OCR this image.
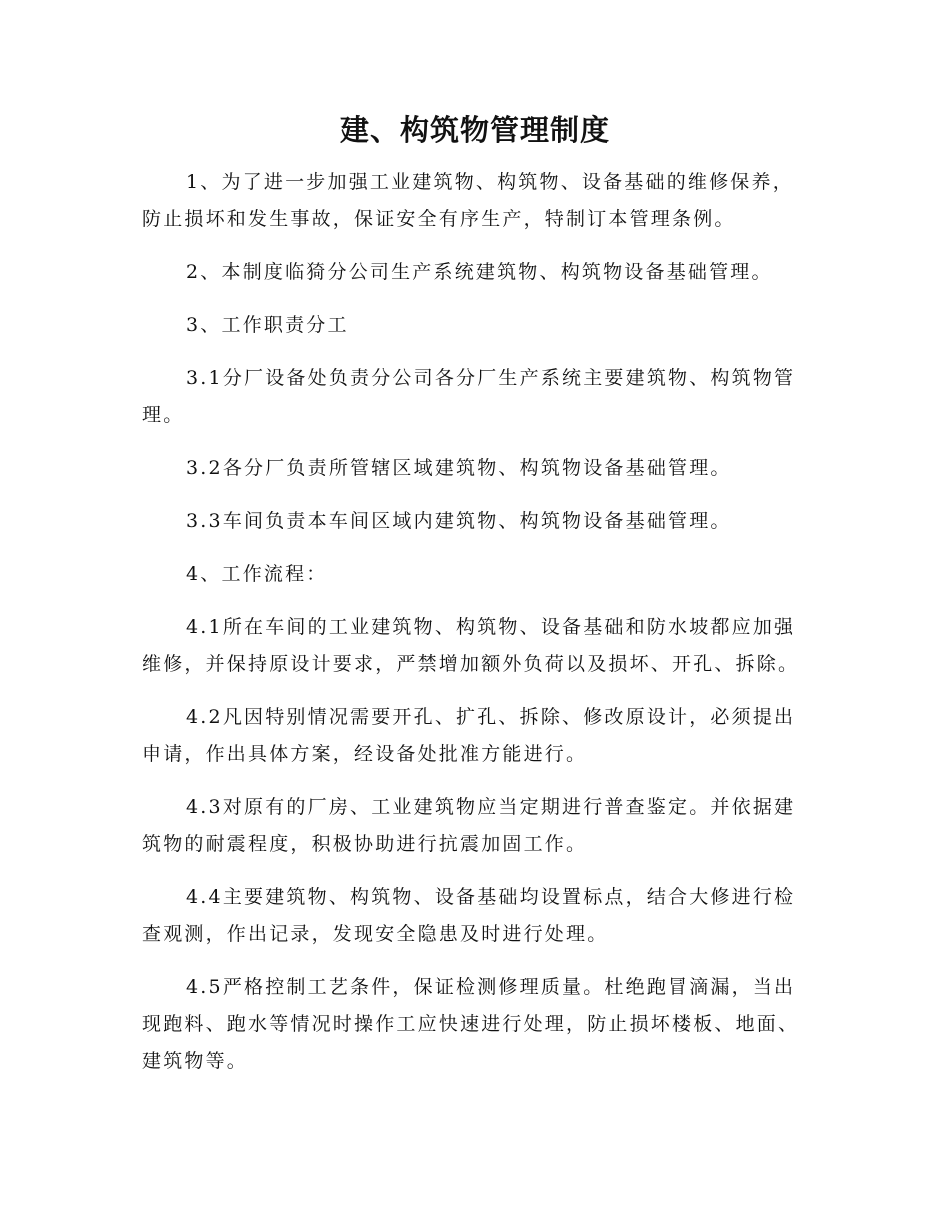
建、构筑物管理制度

1、为了进一步加强工业建筑物、构筑物、设备基础的维修保养，防止损坏和发生事故，保证安全有序生产，特制订本管理条例。

2、本制度临猗分公司生产系统建筑物、构筑物设备基础管理。

3、工作职责分工

3.1分厂设备处负责分公司各分厂生产系统主要建筑物、构筑物管理。

3.2各分厂负责所管辖区域建筑物、构筑物设备基础管理。

3.3车间负责本车间区域内建筑物、构筑物设备基础管理。

4、工作流程：

4.1所在车间的工业建筑物、构筑物、设备基础和防水坡都应加强维修，并保持原设计要求，严禁增加额外负荷以及损坏、开孔、拆除。

4.2凡因特别情况需要开孔、扩孔、拆除、修改原设计，必须提出申请，作出具体方案，经设备处批准方能进行。

4.3对原有的厂房、工业建筑物应当定期进行普查鉴定。并依据建筑物的耐震程度，积极协助进行抗震加固工作。

4.4主要建筑物、构筑物、设备基础均设置标点，结合大修进行检查观测，作出记录，发现安全隐患及时进行处理。

4.5严格控制工艺条件，保证检测修理质量。杜绝跑冒滴漏，当出现跑料、跑水等情况时操作工应快速进行处理，防止损坏楼板、地面、建筑物等。
